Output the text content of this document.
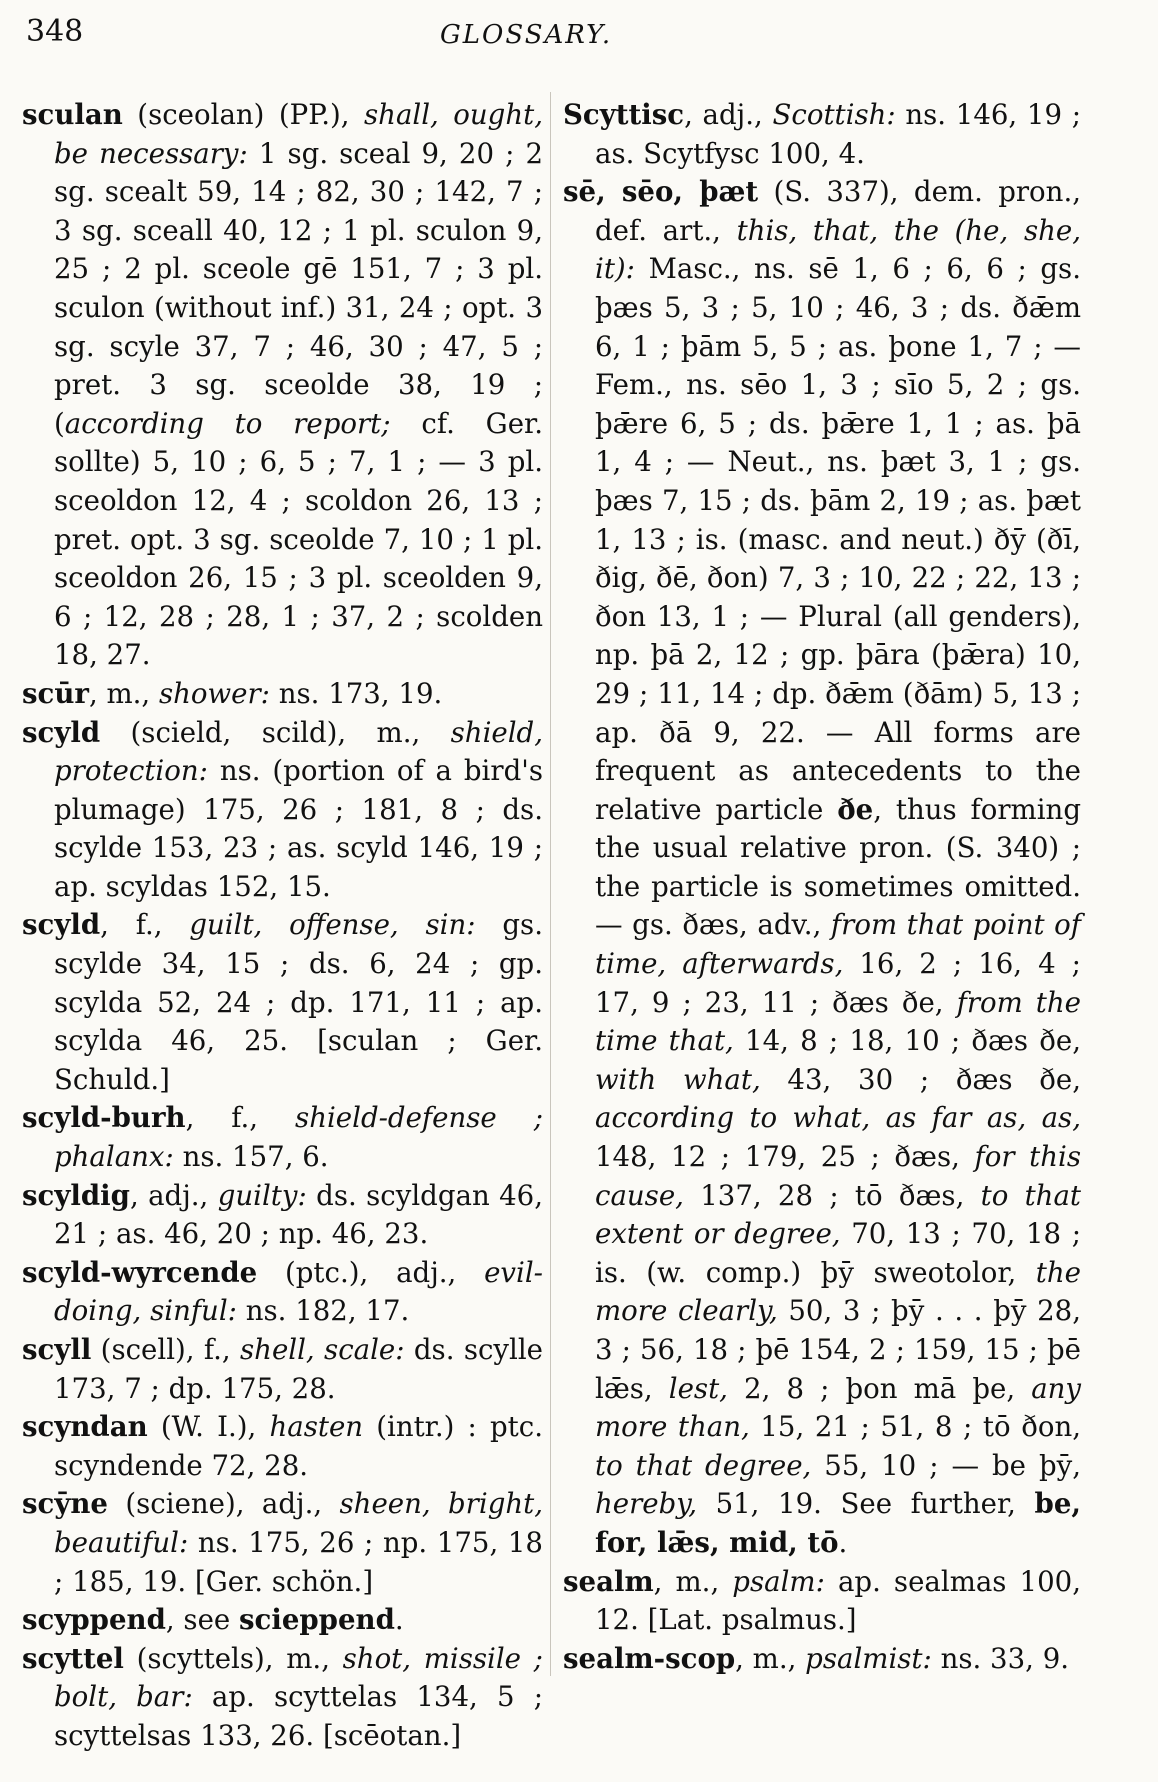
348	GLOSSARY.

sculan (sceolan) (PP.), shall, ought, be necessary: 1 sg. sceal 9, 20 ; 2 sg. scealt 59, 14 ; 82, 30 ; 142, 7 ; 3 sg. sceall 40, 12 ; 1 pl. sculon 9, 25 ; 2 pl. sceole gē 151, 7 ; 3 pl. sculon (without inf.) 31, 24 ; opt. 3 sg. scyle 37, 7 ; 46, 30 ; 47, 5 ; pret. 3 sg. sceolde 38, 19 ; (according to report; cf. Ger. sollte) 5, 10 ; 6, 5 ; 7, 1 ; — 3 pl. sceoldon 12, 4 ; scoldon 26, 13 ; pret. opt. 3 sg. sceolde 7, 10 ; 1 pl. sceoldon 26, 15 ; 3 pl. sceolden 9, 6 ; 12, 28 ; 28, 1 ; 37, 2 ; scolden 18, 27.

scūr, m., shower: ns. 173, 19.

scyld (scield, scild), m., shield, protection: ns. (portion of a bird's plumage) 175, 26 ; 181, 8 ; ds. scylde 153, 23 ; as. scyld 146, 19 ; ap. scyldas 152, 15.

scyld, f., guilt, offense, sin: gs. scylde 34, 15 ; ds. 6, 24 ; gp. scylda 52, 24 ; dp. 171, 11 ; ap. scylda 46, 25. [sculan ; Ger. Schuld.]

scyld-burh, f., shield-defense ; phalanx: ns. 157, 6.

scyldig, adj., guilty: ds. scyldgan 46, 21 ; as. 46, 20 ; np. 46, 23.

scyld-wyrcende (ptc.), adj., evil-doing, sinful: ns. 182, 17.

scyll (scell), f., shell, scale: ds. scylle 173, 7 ; dp. 175, 28.

scyndan (W. I.), hasten (intr.) : ptc. scyndende 72, 28.

scȳne (sciene), adj., sheen, bright, beautiful: ns. 175, 26 ; np. 175, 18 ; 185, 19. [Ger. schön.]

scyppend, see scieppend.

scyttel (scyttels), m., shot, missile ; bolt, bar: ap. scyttelas 134, 5 ; scyttelsas 133, 26. [scēotan.]

Scyttisc, adj., Scottish: ns. 146, 19 ; as. Scytfysc 100, 4.

sē, sēo, þæt (S. 337), dem. pron., def. art., this, that, the (he, she, it): Masc., ns. sē 1, 6 ; 6, 6 ; gs. þæs 5, 3 ; 5, 10 ; 46, 3 ; ds. ðǣm 6, 1 ; þām 5, 5 ; as. þone 1, 7 ; — Fem., ns. sēo 1, 3 ; sīo 5, 2 ; gs. þǣre 6, 5 ; ds. þǣre 1, 1 ; as. þā 1, 4 ; — Neut., ns. þæt 3, 1 ; gs. þæs 7, 15 ; ds. þām 2, 19 ; as. þæt 1, 13 ; is. (masc. and neut.) ðȳ (ðī, ðig, ðē, ðon) 7, 3 ; 10, 22 ; 22, 13 ; ðon 13, 1 ; — Plural (all genders), np. þā 2, 12 ; gp. þāra (þǣra) 10, 29 ; 11, 14 ; dp. ðǣm (ðām) 5, 13 ; ap. ðā 9, 22. — All forms are frequent as antecedents to the relative particle ðe, thus forming the usual relative pron. (S. 340) ; the particle is sometimes omitted. — gs. ðæs, adv., from that point of time, afterwards, 16, 2 ; 16, 4 ; 17, 9 ; 23, 11 ; ðæs ðe, from the time that, 14, 8 ; 18, 10 ; ðæs ðe, with what, 43, 30 ; ðæs ðe, according to what, as far as, as, 148, 12 ; 179, 25 ; ðæs, for this cause, 137, 28 ; tō ðæs, to that extent or degree, 70, 13 ; 70, 18 ; is. (w. comp.) þȳ sweotolor, the more clearly, 50, 3 ; þȳ . . . þȳ 28, 3 ; 56, 18 ; þē 154, 2 ; 159, 15 ; þē lǣs, lest, 2, 8 ; þon mā þe, any more than, 15, 21 ; 51, 8 ; tō ðon, to that degree, 55, 10 ; — be þȳ, hereby, 51, 19. See further, be, for, lǣs, mid, tō.

sealm, m., psalm: ap. sealmas 100, 12. [Lat. psalmus.]

sealm-scop, m., psalmist: ns. 33, 9.
